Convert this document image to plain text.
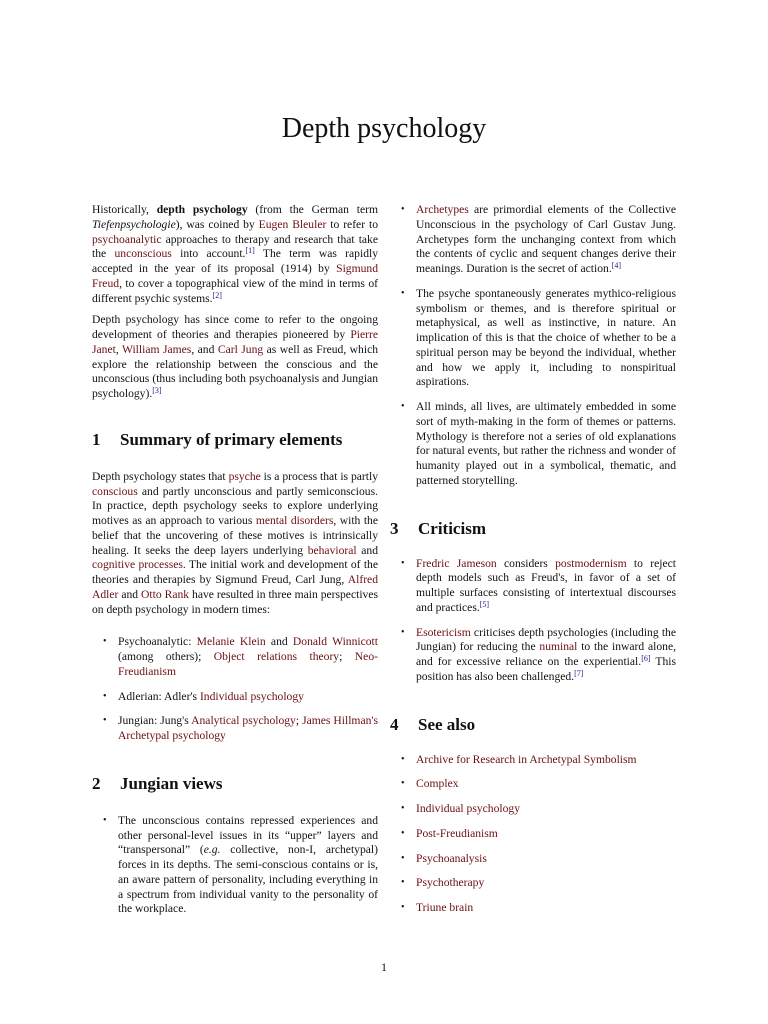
Depth psychology

Historically, depth psychology (from the German term Tiefenpsychologie), was coined by Eugen Bleuler to refer to psychoanalytic approaches to therapy and research that take the unconscious into account.[1] The term was rapidly accepted in the year of its proposal (1914) by Sigmund Freud, to cover a topographical view of the mind in terms of different psychic systems.[2]

Depth psychology has since come to refer to the ongoing development of theories and therapies pioneered by Pierre Janet, William James, and Carl Jung as well as Freud, which explore the relationship between the conscious and the unconscious (thus including both psychoanalysis and Jungian psychology).[3]

1 Summary of primary elements

Depth psychology states that psyche is a process that is partly conscious and partly unconscious and partly semiconscious. In practice, depth psychology seeks to explore underlying motives as an approach to various mental disorders, with the belief that the uncovering of these motives is intrinsically healing. It seeks the deep layers underlying behavioral and cognitive processes. The initial work and development of the theories and therapies by Sigmund Freud, Carl Jung, Alfred Adler and Otto Rank have resulted in three main perspectives on depth psychology in modern times:

• Psychoanalytic: Melanie Klein and Donald Winnicott (among others); Object relations theory; Neo-Freudianism
• Adlerian: Adler's Individual psychology
• Jungian: Jung's Analytical psychology; James Hillman's Archetypal psychology
2 Jungian views
• The unconscious contains repressed experiences and other personal-level issues in its “upper” layers and “transpersonal” (e.g. collective, non-I, archetypal) forces in its depths. The semi-conscious contains or is, an aware pattern of personality, including everything in a spectrum from individual vanity to the personality of the workplace.
• Archetypes are primordial elements of the Collective Unconscious in the psychology of Carl Gustav Jung. Archetypes form the unchanging context from which the contents of cyclic and sequent changes derive their meanings. Duration is the secret of action.[4]
• The psyche spontaneously generates mythico-religious symbolism or themes, and is therefore spiritual or metaphysical, as well as instinctive, in nature. An implication of this is that the choice of whether to be a spiritual person may be beyond the individual, whether and how we apply it, including to nonspiritual aspirations.
• All minds, all lives, are ultimately embedded in some sort of myth-making in the form of themes or patterns. Mythology is therefore not a series of old explanations for natural events, but rather the richness and wonder of humanity played out in a symbolical, thematic, and patterned storytelling.
3 Criticism
• Fredric Jameson considers postmodernism to reject depth models such as Freud's, in favor of a set of multiple surfaces consisting of intertextual discourses and practices.[5]
• Esotericism criticises depth psychologies (including the Jungian) for reducing the numinal to the inward alone, and for excessive reliance on the experiential.[6] This position has also been challenged.[7]
4 See also
• Archive for Research in Archetypal Symbolism
• Complex
• Individual psychology
• Post-Freudianism
• Psychoanalysis
• Psychotherapy
• Triune brain
1
